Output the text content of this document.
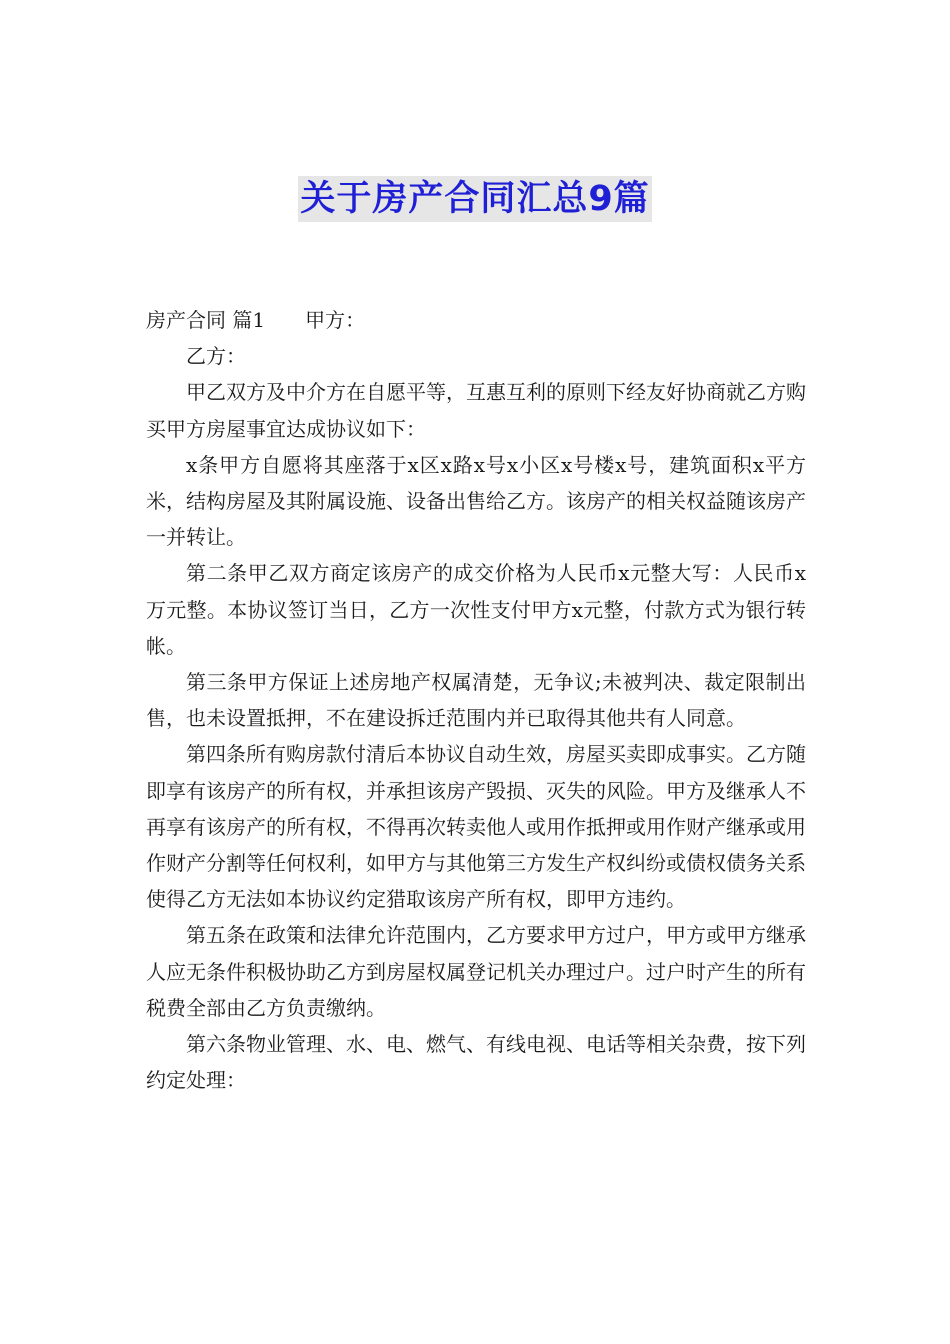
关于房产合同汇总9篇

房产合同 篇1 甲方：

乙方：

甲乙双方及中介方在自愿平等，互惠互利的原则下经友好协商就乙方购买甲方房屋事宜达成协议如下：

x条甲方自愿将其座落于x区x路x号x小区x号楼x号，建筑面积x平方米，结构房屋及其附属设施、设备出售给乙方。该房产的相关权益随该房产一并转让。

第二条甲乙双方商定该房产的成交价格为人民币x元整大写：人民币x万元整。本协议签订当日，乙方一次性支付甲方x元整，付款方式为银行转帐。

第三条甲方保证上述房地产权属清楚，无争议;未被判决、裁定限制出售，也未设置抵押，不在建设拆迁范围内并已取得其他共有人同意。

第四条所有购房款付清后本协议自动生效，房屋买卖即成事实。乙方随即享有该房产的所有权，并承担该房产毁损、灭失的风险。甲方及继承人不再享有该房产的所有权，不得再次转卖他人或用作抵押或用作财产继承或用作财产分割等任何权利，如甲方与其他第三方发生产权纠纷或债权债务关系使得乙方无法如本协议约定猎取该房产所有权，即甲方违约。

第五条在政策和法律允许范围内，乙方要求甲方过户，甲方或甲方继承人应无条件积极协助乙方到房屋权属登记机关办理过户。过户时产生的所有税费全部由乙方负责缴纳。

第六条物业管理、水、电、燃气、有线电视、电话等相关杂费，按下列约定处理：
